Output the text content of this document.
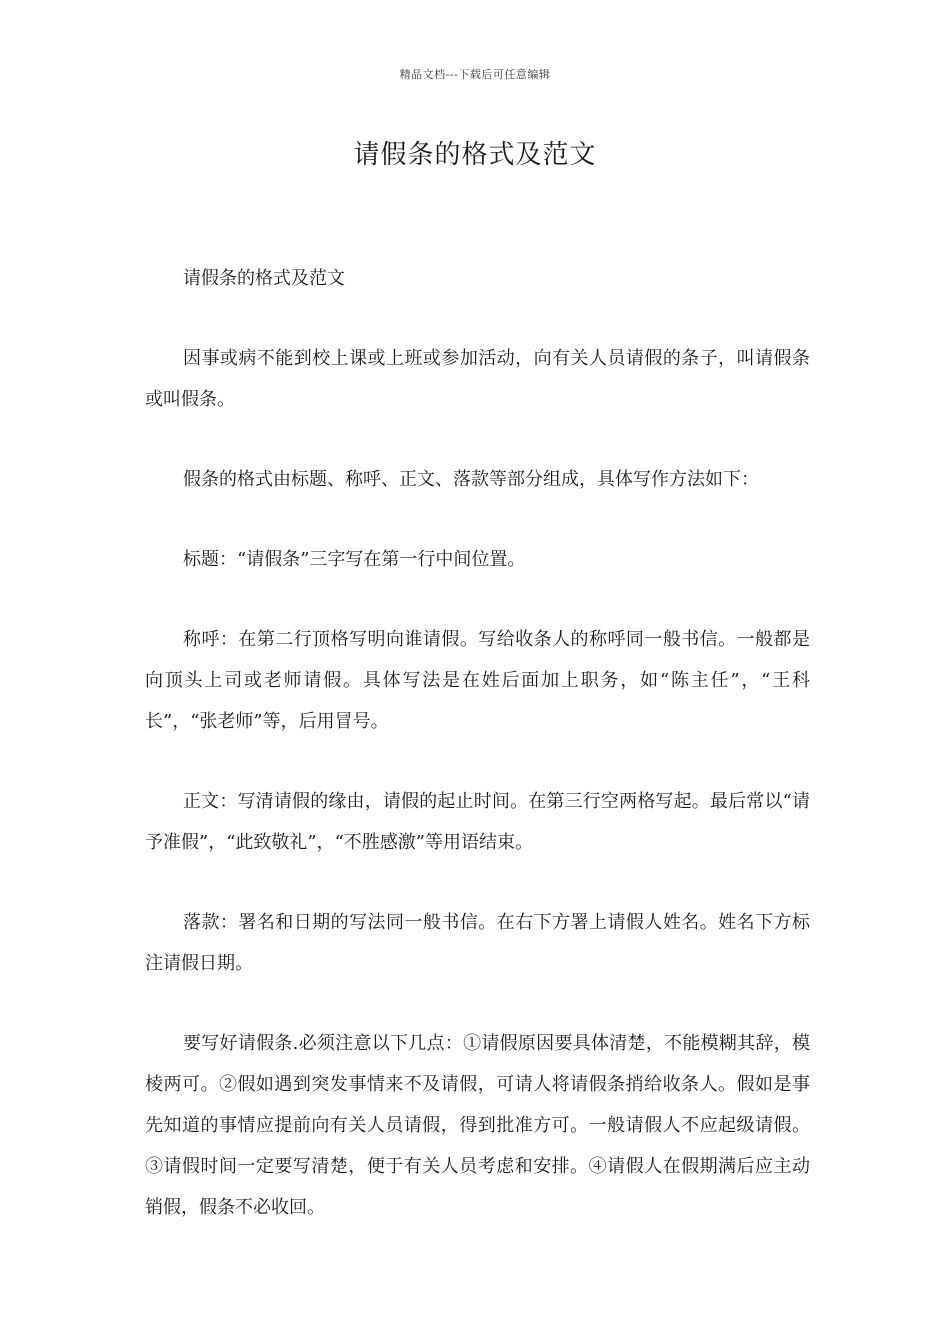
精品文档---下载后可任意编辑
请假条的格式及范文

请假条的格式及范文

因事或病不能到校上课或上班或参加活动，向有关人员请假的条子，叫请假条或叫假条。

假条的格式由标题、称呼、正文、落款等部分组成，具体写作方法如下：

标题：“请假条”三字写在第一行中间位置。

称呼：在第二行顶格写明向谁请假。写给收条人的称呼同一般书信。一般都是向顶头上司或老师请假。具体写法是在姓后面加上职务，如“陈主任”，“王科长”，“张老师”等，后用冒号。

正文：写清请假的缘由，请假的起止时间。在第三行空两格写起。最后常以“请予准假”，“此致敬礼”，“不胜感激”等用语结束。

落款：署名和日期的写法同一般书信。在右下方署上请假人姓名。姓名下方标注请假日期。

要写好请假条.必须注意以下几点：①请假原因要具体清楚，不能模糊其辞，模棱两可。②假如遇到突发事情来不及请假，可请人将请假条捎给收条人。假如是事先知道的事情应提前向有关人员请假，得到批准方可。一般请假人不应起级请假。③请假时间一定要写清楚，便于有关人员考虑和安排。④请假人在假期满后应主动销假，假条不必收回。
